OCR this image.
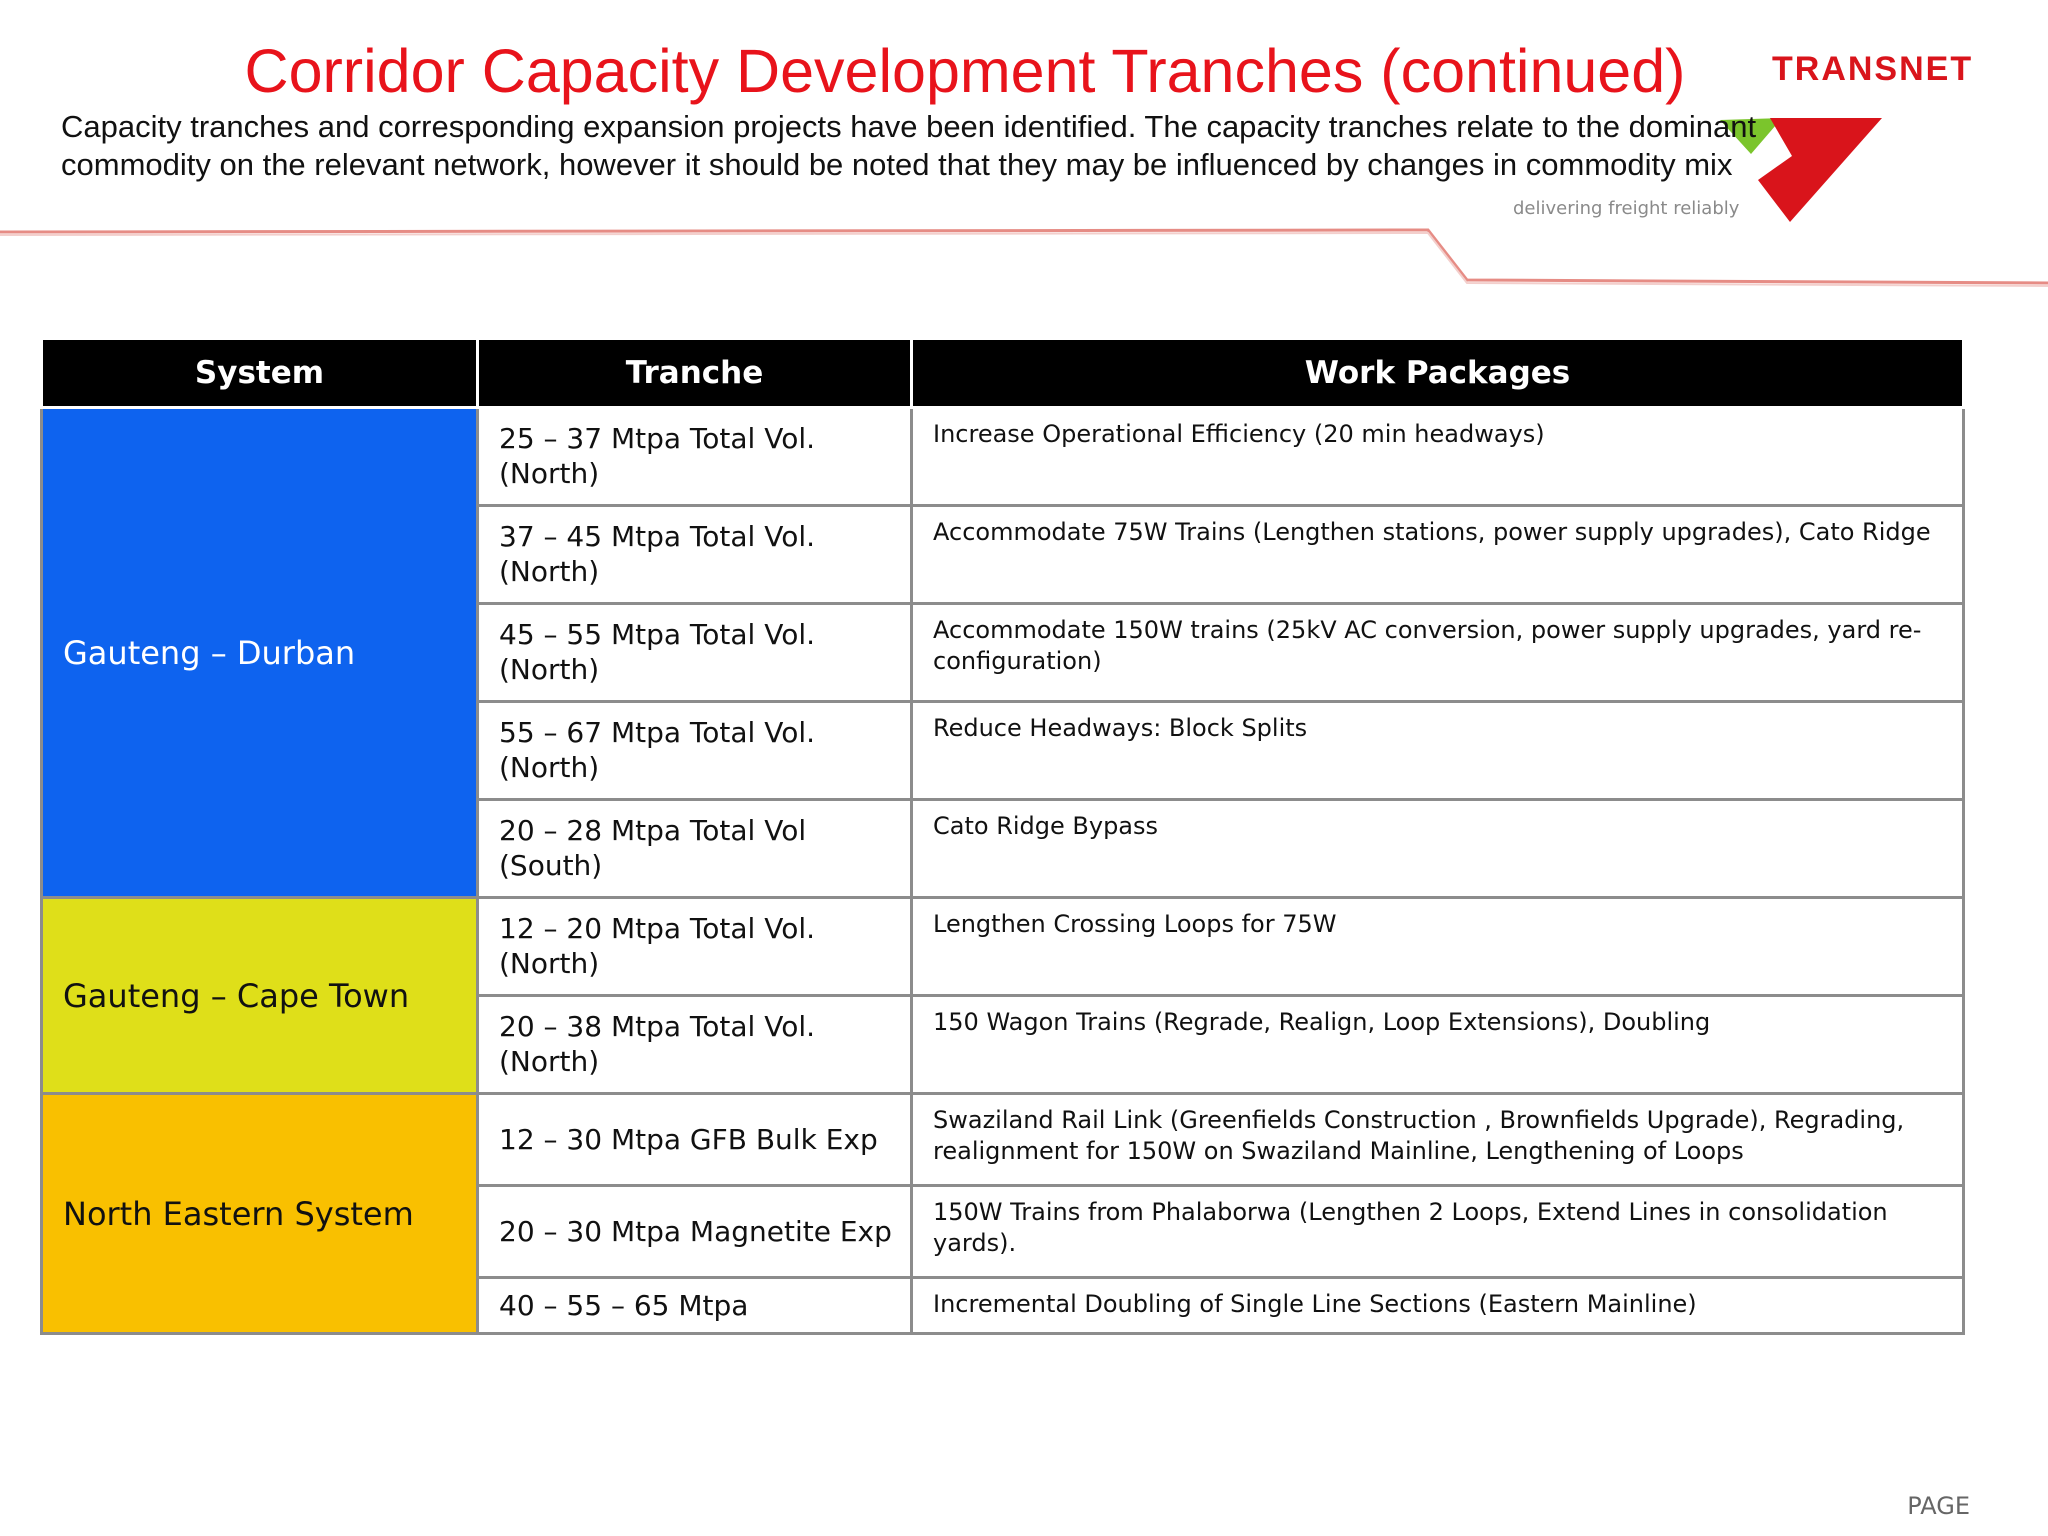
Corridor Capacity Development Tranches (continued)
Capacity tranches and corresponding expansion projects have been identified. The capacity tranches relate to the dominant commodity on the relevant network, however it should be noted that they may be influenced by changes in commodity mix
TRANSNET
delivering freight reliably
System	Tranche	Work Packages
Gauteng – Durban	25 – 37 Mtpa Total Vol. (North)	Increase Operational Efficiency (20 min headways)
	37 – 45 Mtpa Total Vol. (North)	Accommodate 75W Trains (Lengthen stations, power supply upgrades), Cato Ridge
	45 – 55 Mtpa Total Vol. (North)	Accommodate 150W trains (25kV AC conversion, power supply upgrades, yard re-configuration)
	55 – 67 Mtpa Total Vol. (North)	Reduce Headways: Block Splits
	20 – 28 Mtpa Total Vol (South)	Cato Ridge Bypass
Gauteng – Cape Town	12 – 20 Mtpa Total Vol. (North)	Lengthen Crossing Loops for 75W
	20 – 38 Mtpa Total Vol. (North)	150 Wagon Trains (Regrade, Realign, Loop Extensions), Doubling
North Eastern System	12 – 30 Mtpa GFB Bulk Exp	Swaziland Rail Link (Greenfields Construction , Brownfields Upgrade), Regrading, realignment for 150W on Swaziland Mainline, Lengthening of Loops
	20 – 30 Mtpa Magnetite Exp	150W Trains from Phalaborwa (Lengthen 2 Loops, Extend Lines in consolidation yards).
	40 – 55 – 65 Mtpa	Incremental Doubling of Single Line Sections (Eastern Mainline)
PAGE
